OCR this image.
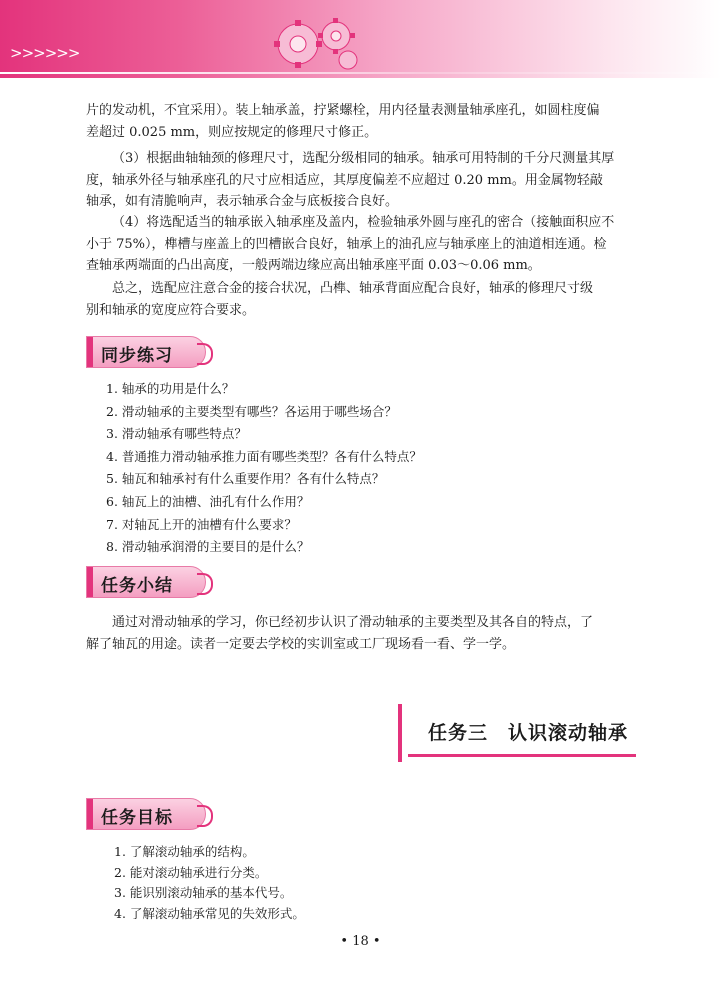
>>>>>>
片的发动机，不宜采用）。装上轴承盖，拧紧螺栓，用内径量表测量轴承座孔，如圆柱度偏
差超过 0.025 mm，则应按规定的修理尺寸修正。
（3）根据曲轴轴颈的修理尺寸，选配分级相同的轴承。轴承可用特制的千分尺测量其厚
度，轴承外径与轴承座孔的尺寸应相适应，其厚度偏差不应超过 0.20 mm。用金属物轻敲
轴承，如有清脆响声，表示轴承合金与底板接合良好。
（4）将选配适当的轴承嵌入轴承座及盖内，检验轴承外圆与座孔的密合（接触面积应不
小于 75%），榫槽与座盖上的凹槽嵌合良好，轴承上的油孔应与轴承座上的油道相连通。检
查轴承两端面的凸出高度，一般两端边缘应高出轴承座平面 0.03～0.06 mm。
总之，选配应注意合金的接合状况，凸榫、轴承背面应配合良好，轴承的修理尺寸级
别和轴承的宽度应符合要求。
同步练习
1. 轴承的功用是什么？
2. 滑动轴承的主要类型有哪些？各运用于哪些场合？
3. 滑动轴承有哪些特点？
4. 普通推力滑动轴承推力面有哪些类型？各有什么特点？
5. 轴瓦和轴承衬有什么重要作用？各有什么特点？
6. 轴瓦上的油槽、油孔有什么作用？
7. 对轴瓦上开的油槽有什么要求？
8. 滑动轴承润滑的主要目的是什么？
任务小结
通过对滑动轴承的学习，你已经初步认识了滑动轴承的主要类型及其各自的特点，了
解了轴瓦的用途。读者一定要去学校的实训室或工厂现场看一看、学一学。
任务三　认识滚动轴承
任务目标
1. 了解滚动轴承的结构。
2. 能对滚动轴承进行分类。
3. 能识别滚动轴承的基本代号。
4. 了解滚动轴承常见的失效形式。
• 18 •
